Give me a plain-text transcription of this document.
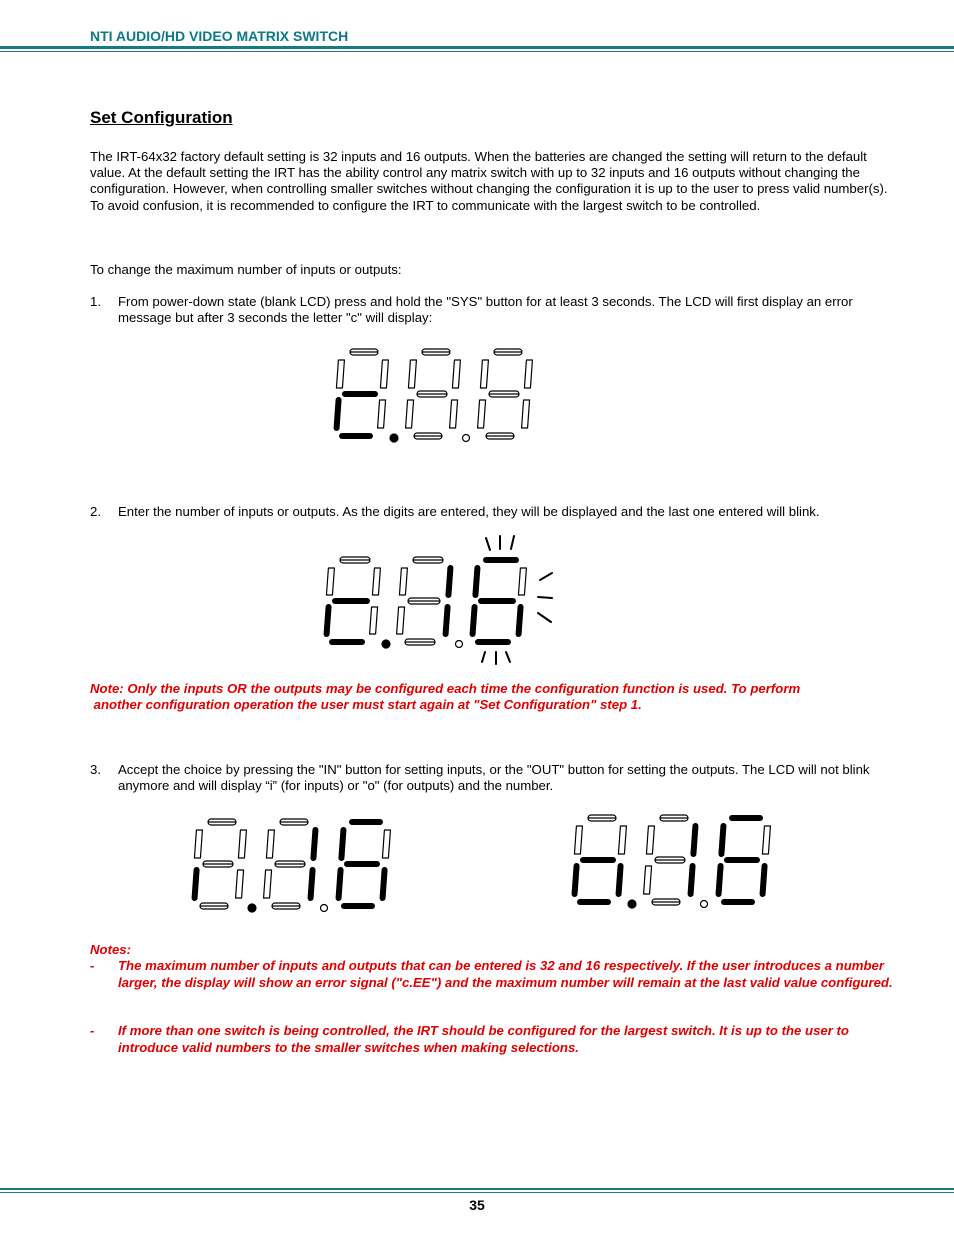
NTI AUDIO/HD VIDEO MATRIX SWITCH
Set Configuration

The IRT-64x32 factory default setting is 32 inputs and 16 outputs. When the batteries are changed the setting will return to the default value. At the default setting the IRT has the ability control any matrix switch with up to 32 inputs and 16 outputs without changing the configuration. However, when controlling smaller switches without changing the configuration it is up to the user to press valid number(s). To avoid confusion, it is recommended to configure the IRT to communicate with the largest switch to be controlled.

To change the maximum number of inputs or outputs:

1. From power-down state (blank LCD) press and hold the "SYS" button for at least 3 seconds. The LCD will first display an error message but after 3 seconds the letter "c" will display:
2. Enter the number of inputs or outputs. As the digits are entered, they will be displayed and the last one entered will blink.
Note: Only the inputs OR the outputs may be configured each time the configuration function is used. To perform
another configuration operation the user must start again at "Set Configuration" step 1.
3. Accept the choice by pressing the "IN" button for setting inputs, or the "OUT" button for setting the outputs. The LCD will not blink anymore and will display “i” (for inputs) or "o" (for outputs) and the number.
Notes:
- The maximum number of inputs and outputs that can be entered is 32 and 16 respectively. If the user introduces a number larger, the display will show an error signal ("c.EE") and the maximum number will remain at the last valid value configured.
- If more than one switch is being controlled, the IRT should be configured for the largest switch. It is up to the user to introduce valid numbers to the smaller switches when making selections.
35
